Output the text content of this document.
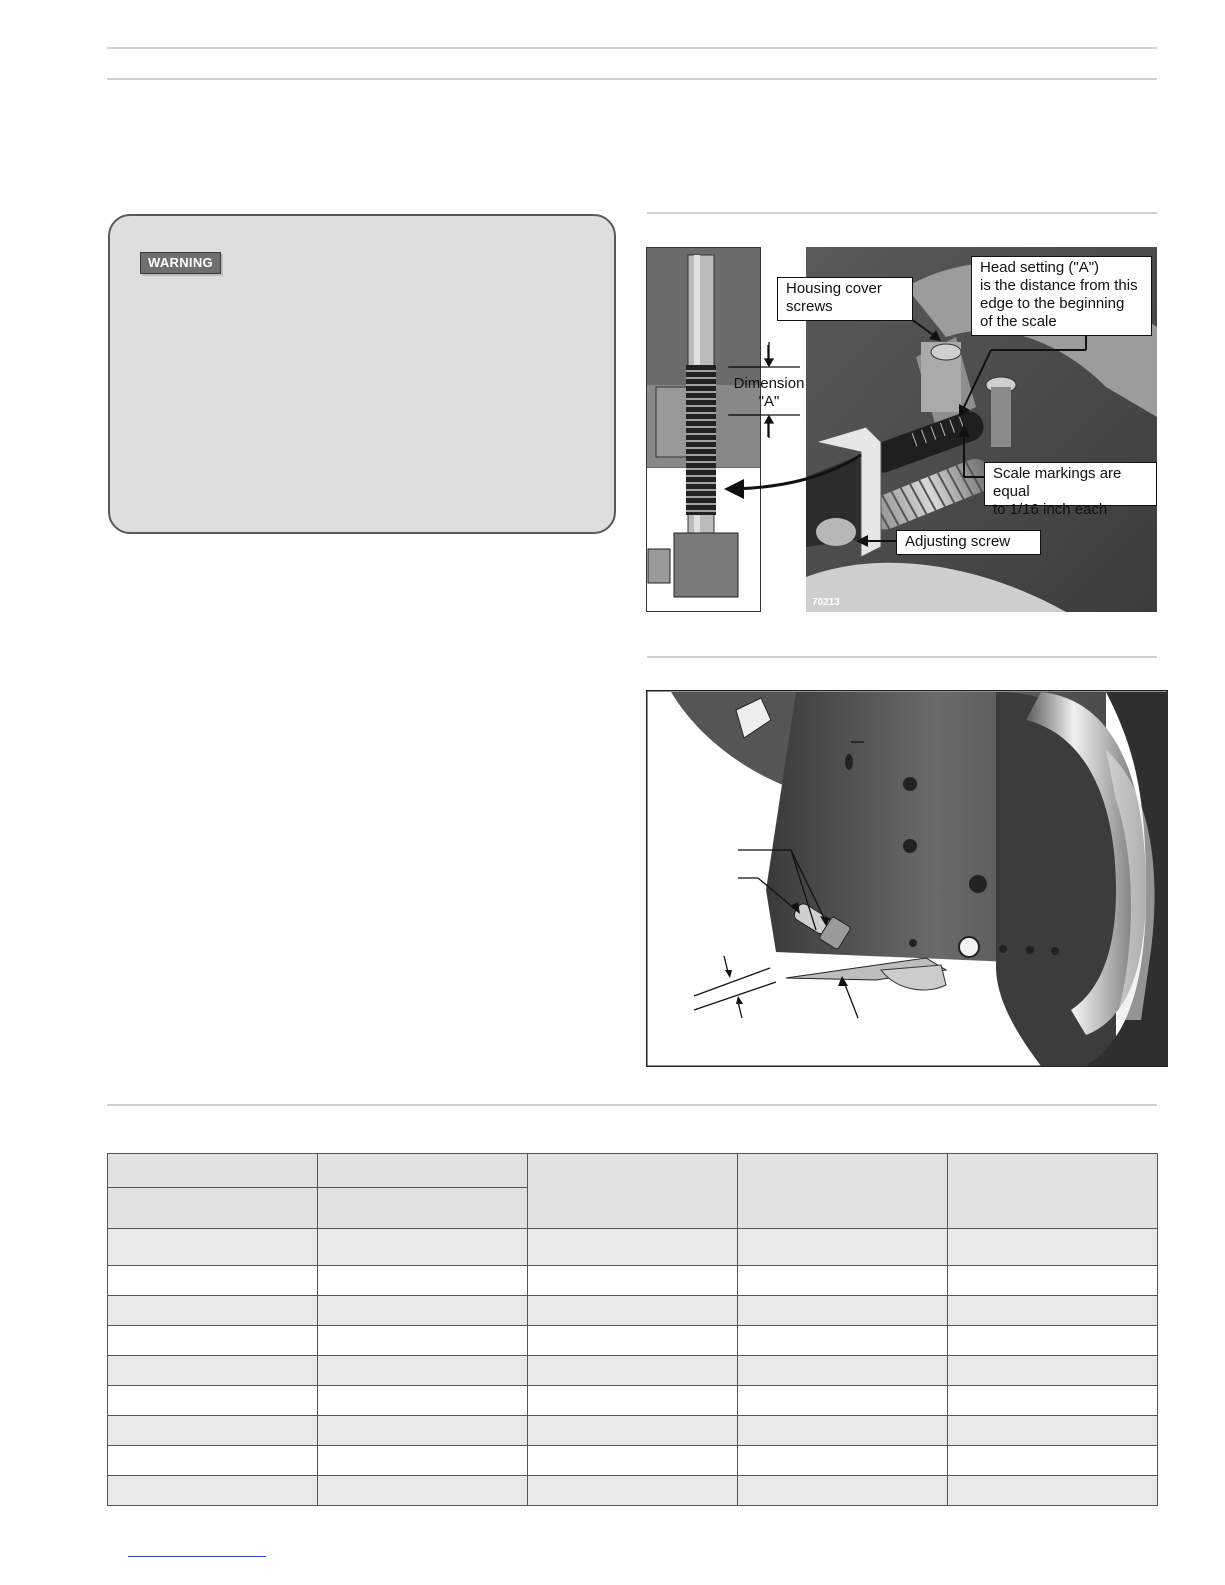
WARNING
Dimension
"A"
Housing cover
screws
Head setting ("A")
is the distance from this
edge to the beginning
of the scale
Scale markings are equal
to 1/16 inch each
Adjusting screw
70213
